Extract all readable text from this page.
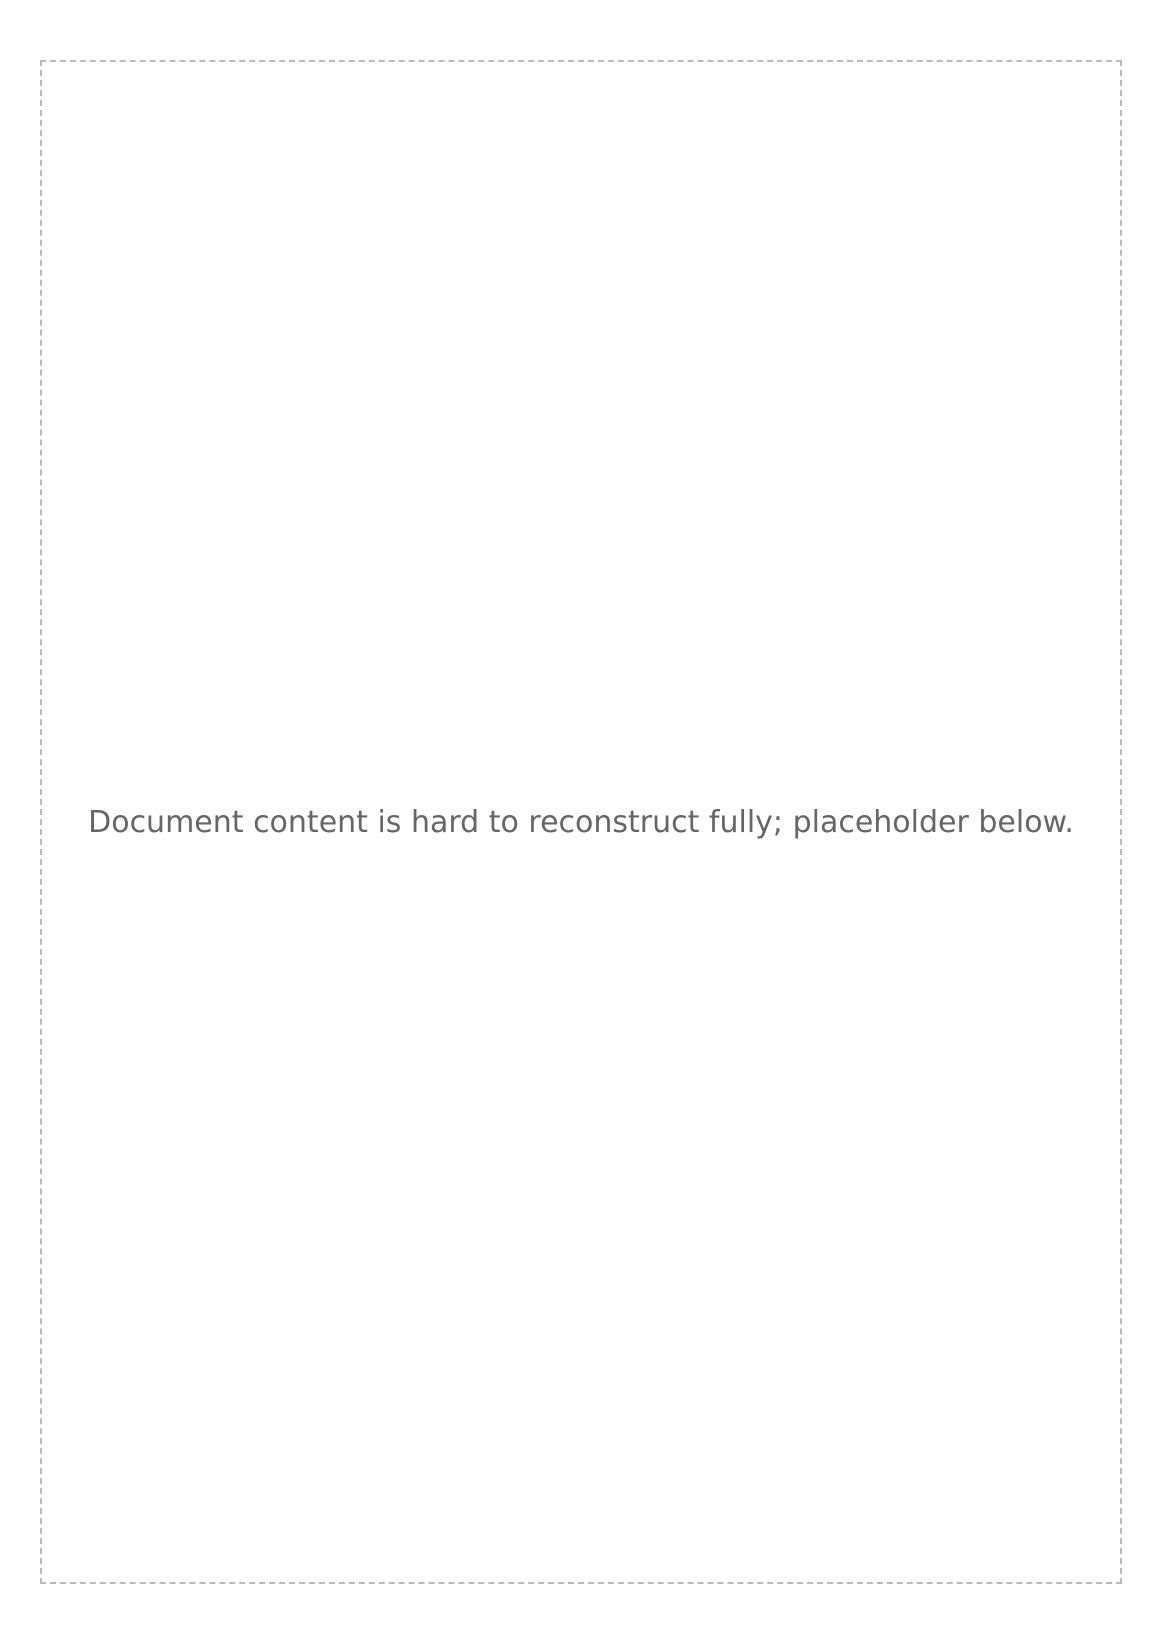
Document content is hard to reconstruct fully; placeholder below.
